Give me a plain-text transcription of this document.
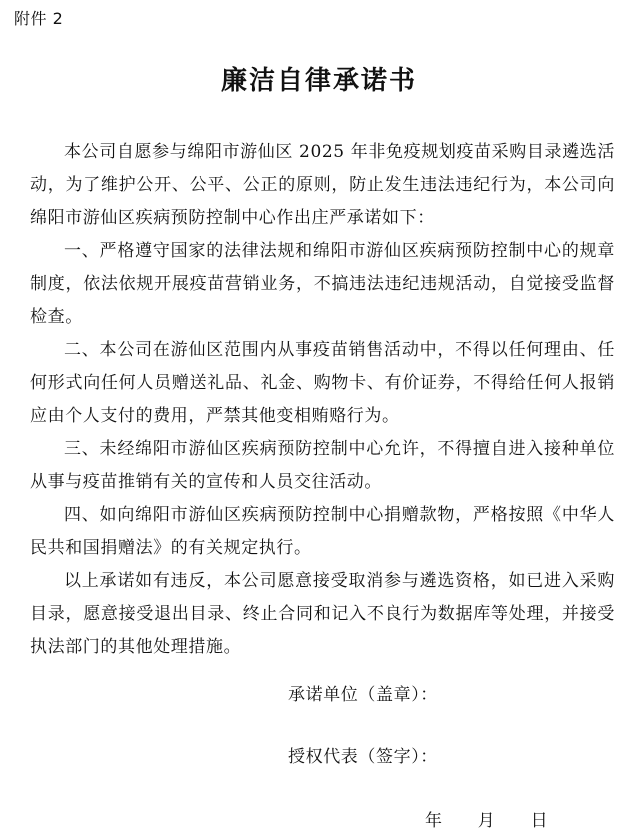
附件 2
廉洁自律承诺书

本公司自愿参与绵阳市游仙区 2025 年非免疫规划疫苗采购目录遴选活动，为了维护公开、公平、公正的原则，防止发生违法违纪行为，本公司向绵阳市游仙区疾病预防控制中心作出庄严承诺如下：

一、严格遵守国家的法律法规和绵阳市游仙区疾病预防控制中心的规章制度，依法依规开展疫苗营销业务，不搞违法违纪违规活动，自觉接受监督检查。

二、本公司在游仙区范围内从事疫苗销售活动中，不得以任何理由、任何形式向任何人员赠送礼品、礼金、购物卡、有价证券，不得给任何人报销应由个人支付的费用，严禁其他变相贿赂行为。

三、未经绵阳市游仙区疾病预防控制中心允许，不得擅自进入接种单位从事与疫苗推销有关的宣传和人员交往活动。

四、如向绵阳市游仙区疾病预防控制中心捐赠款物，严格按照《中华人民共和国捐赠法》的有关规定执行。

以上承诺如有违反，本公司愿意接受取消参与遴选资格，如已进入采购目录，愿意接受退出目录、终止合同和记入不良行为数据库等处理，并接受执法部门的其他处理措施。

承诺单位（盖章）：
授权代表（签字）：
年　　月　　日
